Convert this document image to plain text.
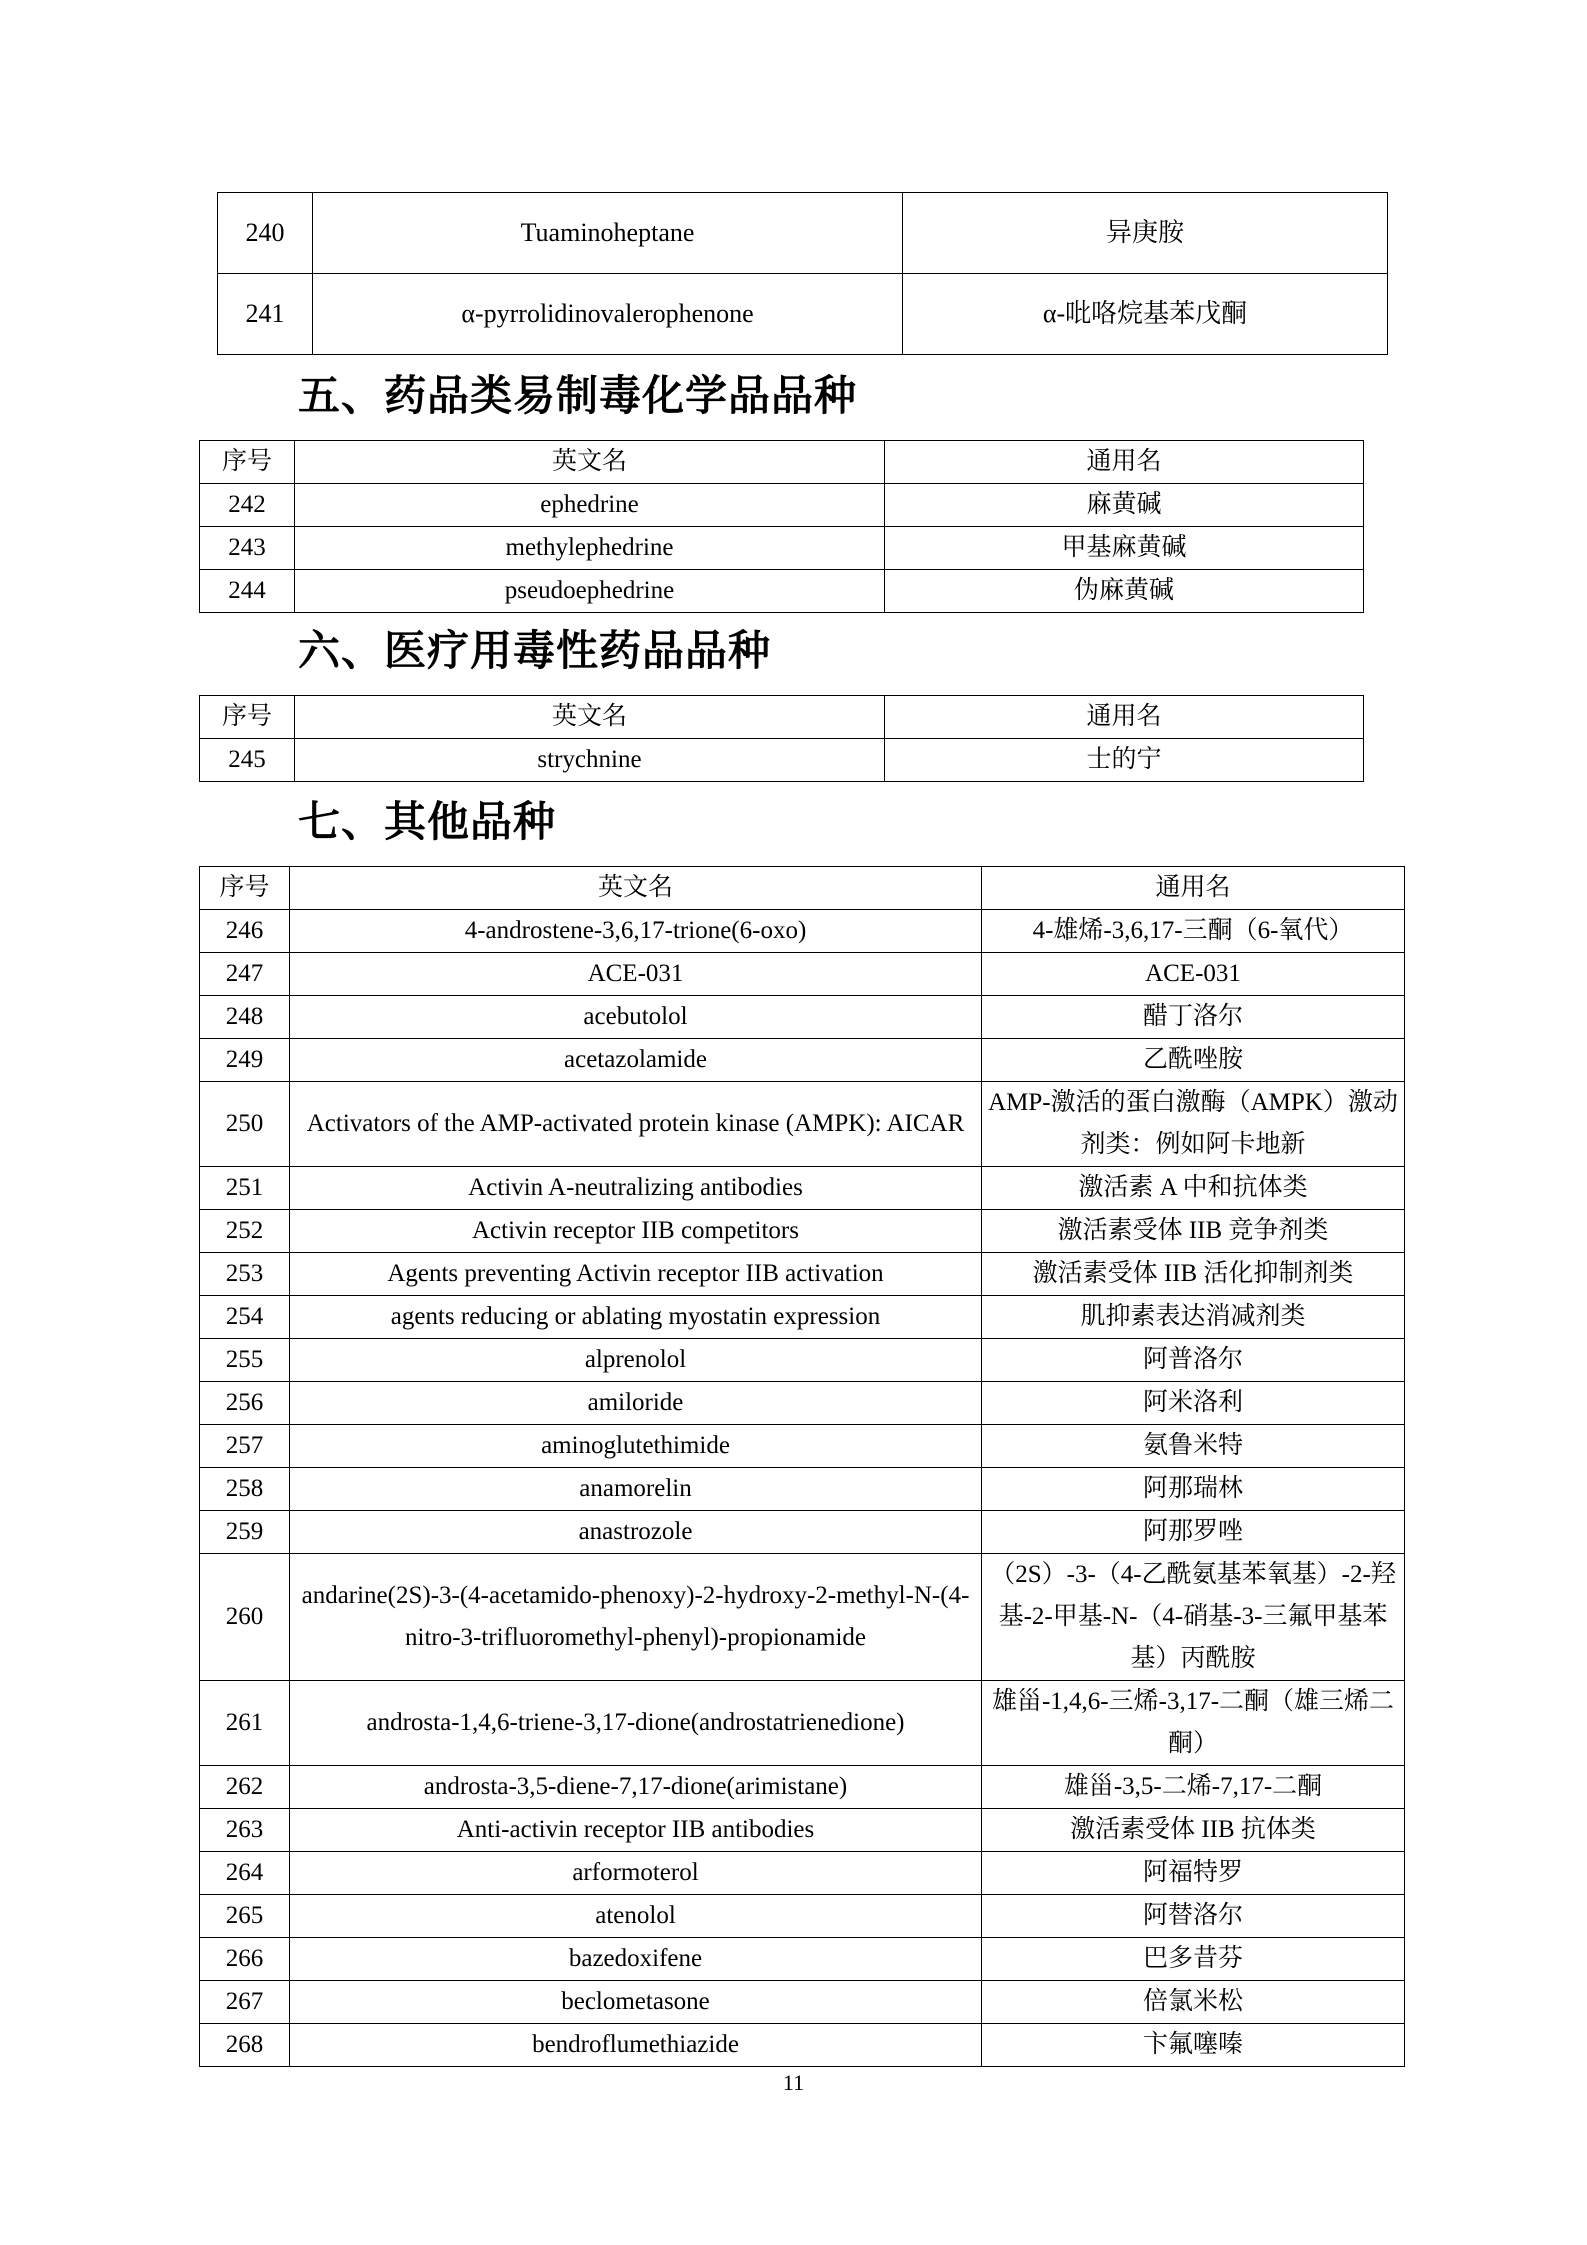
240	Tuaminoheptane	异庚胺
241	α-pyrrolidinovalerophenone	α-吡咯烷基苯戊酮
五、药品类易制毒化学品品种
序号	英文名	通用名
242	ephedrine	麻黄碱
243	methylephedrine	甲基麻黄碱
244	pseudoephedrine	伪麻黄碱
六、医疗用毒性药品品种
序号	英文名	通用名
245	strychnine	士的宁
七、其他品种
序号	英文名	通用名
246	4-androstene-3,6,17-trione(6-oxo)	4-雄烯-3,6,17-三酮（6-氧代）
247	ACE-031	ACE-031
248	acebutolol	醋丁洛尔
249	acetazolamide	乙酰唑胺
250	Activators of the AMP-activated protein kinase (AMPK): AICAR	AMP-激活的蛋白激酶（AMPK）激动剂类：例如阿卡地新
251	Activin A-neutralizing antibodies	激活素 A 中和抗体类
252	Activin receptor IIB competitors	激活素受体 IIB 竞争剂类
253	Agents preventing Activin receptor IIB activation	激活素受体 IIB 活化抑制剂类
254	agents reducing or ablating myostatin expression	肌抑素表达消减剂类
255	alprenolol	阿普洛尔
256	amiloride	阿米洛利
257	aminoglutethimide	氨鲁米特
258	anamorelin	阿那瑞林
259	anastrozole	阿那罗唑
260	andarine(2S)-3-(4-acetamido-phenoxy)-2-hydroxy-2-methyl-N-(4-nitro-3-trifluoromethyl-phenyl)-propionamide	（2S）-3-（4-乙酰氨基苯氧基）-2-羟基-2-甲基-N-（4-硝基-3-三氟甲基苯基）丙酰胺
261	androsta-1,4,6-triene-3,17-dione(androstatrienedione)	雄甾-1,4,6-三烯-3,17-二酮（雄三烯二酮）
262	androsta-3,5-diene-7,17-dione(arimistane)	雄甾-3,5-二烯-7,17-二酮
263	Anti-activin receptor IIB antibodies	激活素受体 IIB 抗体类
264	arformoterol	阿福特罗
265	atenolol	阿替洛尔
266	bazedoxifene	巴多昔芬
267	beclometasone	倍氯米松
268	bendroflumethiazide	卞氟噻嗪
11
